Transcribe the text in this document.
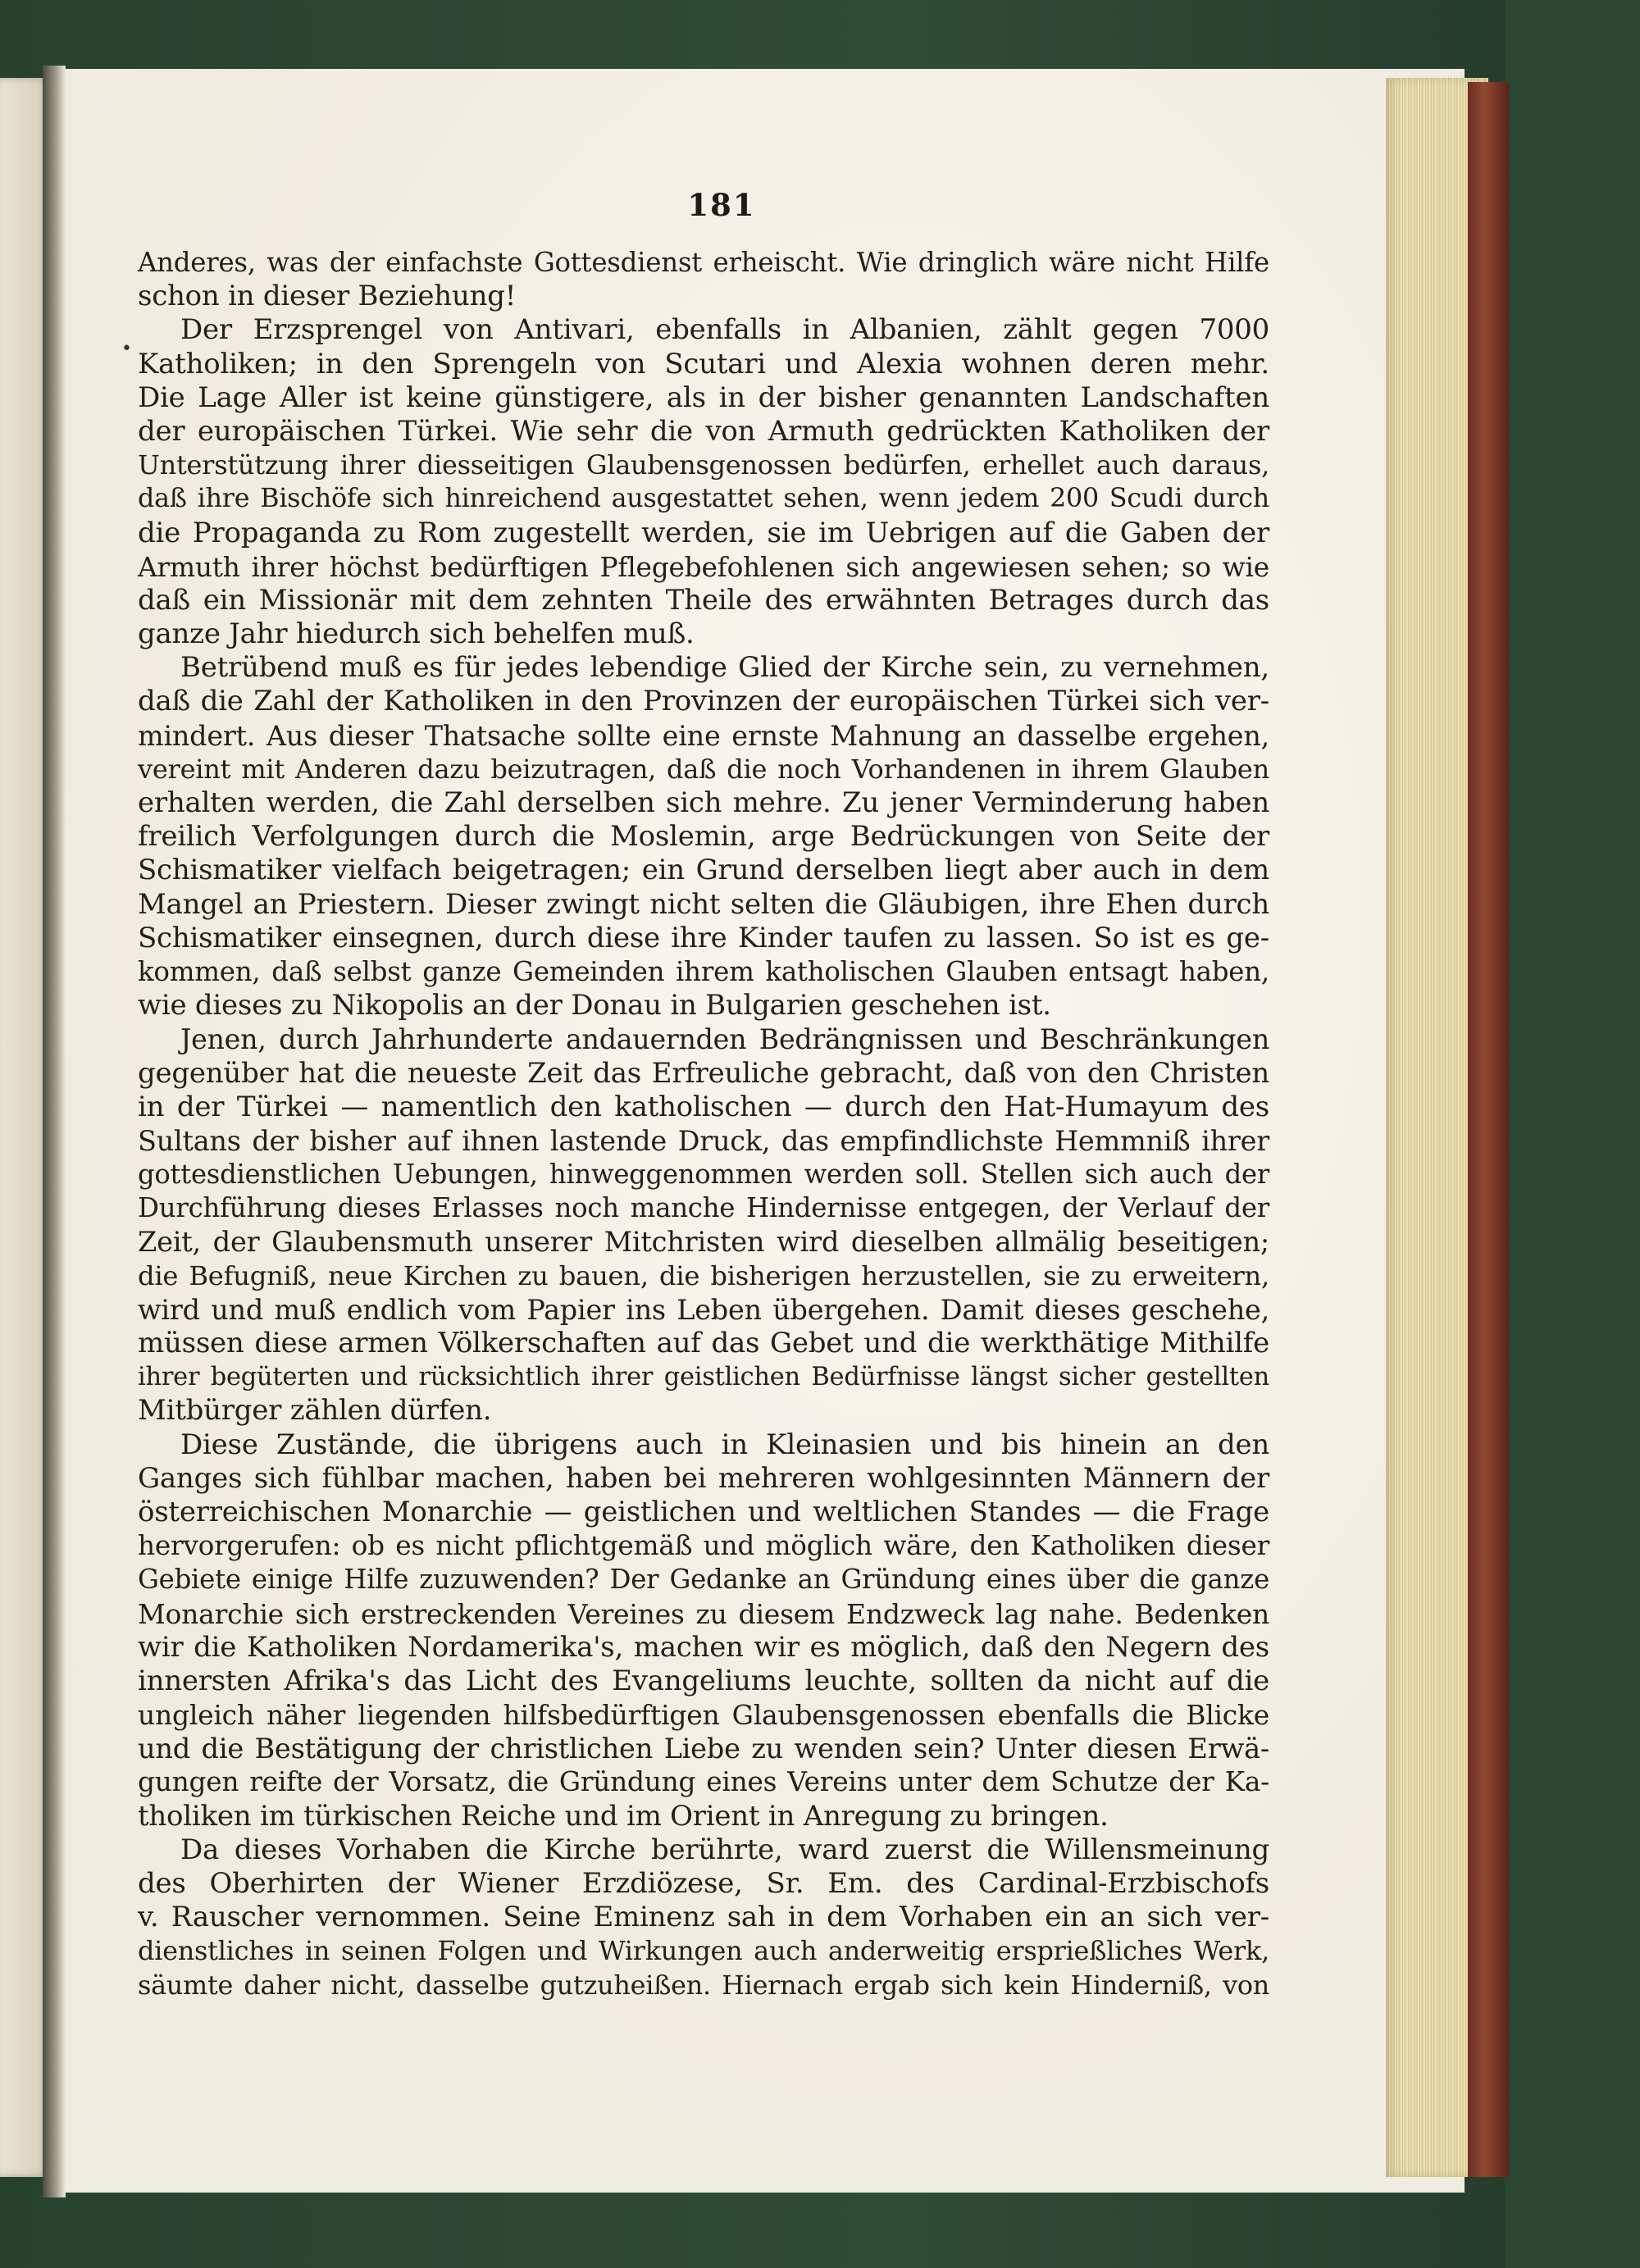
181
•
Anderes, was der einfachste Gottesdienst erheischt. Wie dringlich wäre nicht Hilfe
schon in dieser Beziehung!
Der Erzsprengel von Antivari, ebenfalls in Albanien, zählt gegen 7000
Katholiken; in den Sprengeln von Scutari und Alexia wohnen deren mehr.
Die Lage Aller ist keine günstigere, als in der bisher genannten Landschaften
der europäischen Türkei. Wie sehr die von Armuth gedrückten Katholiken der
Unterstützung ihrer diesseitigen Glaubensgenossen bedürfen, erhellet auch daraus,
daß ihre Bischöfe sich hinreichend ausgestattet sehen, wenn jedem 200 Scudi durch
die Propaganda zu Rom zugestellt werden, sie im Uebrigen auf die Gaben der
Armuth ihrer höchst bedürftigen Pflegebefohlenen sich angewiesen sehen; so wie
daß ein Missionär mit dem zehnten Theile des erwähnten Betrages durch das
ganze Jahr hiedurch sich behelfen muß.
Betrübend muß es für jedes lebendige Glied der Kirche sein, zu vernehmen,
daß die Zahl der Katholiken in den Provinzen der europäischen Türkei sich ver-
mindert. Aus dieser Thatsache sollte eine ernste Mahnung an dasselbe ergehen,
vereint mit Anderen dazu beizutragen, daß die noch Vorhandenen in ihrem Glauben
erhalten werden, die Zahl derselben sich mehre. Zu jener Verminderung haben
freilich Verfolgungen durch die Moslemin, arge Bedrückungen von Seite der
Schismatiker vielfach beigetragen; ein Grund derselben liegt aber auch in dem
Mangel an Priestern. Dieser zwingt nicht selten die Gläubigen, ihre Ehen durch
Schismatiker einsegnen, durch diese ihre Kinder taufen zu lassen. So ist es ge-
kommen, daß selbst ganze Gemeinden ihrem katholischen Glauben entsagt haben,
wie dieses zu Nikopolis an der Donau in Bulgarien geschehen ist.
Jenen, durch Jahrhunderte andauernden Bedrängnissen und Beschränkungen
gegenüber hat die neueste Zeit das Erfreuliche gebracht, daß von den Christen
in der Türkei — namentlich den katholischen — durch den Hat-Humayum des
Sultans der bisher auf ihnen lastende Druck, das empfindlichste Hemmniß ihrer
gottesdienstlichen Uebungen, hinweggenommen werden soll. Stellen sich auch der
Durchführung dieses Erlasses noch manche Hindernisse entgegen, der Verlauf der
Zeit, der Glaubensmuth unserer Mitchristen wird dieselben allmälig beseitigen;
die Befugniß, neue Kirchen zu bauen, die bisherigen herzustellen, sie zu erweitern,
wird und muß endlich vom Papier ins Leben übergehen. Damit dieses geschehe,
müssen diese armen Völkerschaften auf das Gebet und die werkthätige Mithilfe
ihrer begüterten und rücksichtlich ihrer geistlichen Bedürfnisse längst sicher gestellten
Mitbürger zählen dürfen.
Diese Zustände, die übrigens auch in Kleinasien und bis hinein an den
Ganges sich fühlbar machen, haben bei mehreren wohlgesinnten Männern der
österreichischen Monarchie — geistlichen und weltlichen Standes — die Frage
hervorgerufen: ob es nicht pflichtgemäß und möglich wäre, den Katholiken dieser
Gebiete einige Hilfe zuzuwenden? Der Gedanke an Gründung eines über die ganze
Monarchie sich erstreckenden Vereines zu diesem Endzweck lag nahe. Bedenken
wir die Katholiken Nordamerika's, machen wir es möglich, daß den Negern des
innersten Afrika's das Licht des Evangeliums leuchte, sollten da nicht auf die
ungleich näher liegenden hilfsbedürftigen Glaubensgenossen ebenfalls die Blicke
und die Bestätigung der christlichen Liebe zu wenden sein? Unter diesen Erwä-
gungen reifte der Vorsatz, die Gründung eines Vereins unter dem Schutze der Ka-
tholiken im türkischen Reiche und im Orient in Anregung zu bringen.
Da dieses Vorhaben die Kirche berührte, ward zuerst die Willensmeinung
des Oberhirten der Wiener Erzdiözese, Sr. Em. des Cardinal-Erzbischofs
v. Rauscher vernommen. Seine Eminenz sah in dem Vorhaben ein an sich ver-
dienstliches in seinen Folgen und Wirkungen auch anderweitig ersprießliches Werk,
säumte daher nicht, dasselbe gutzuheißen. Hiernach ergab sich kein Hinderniß, von
